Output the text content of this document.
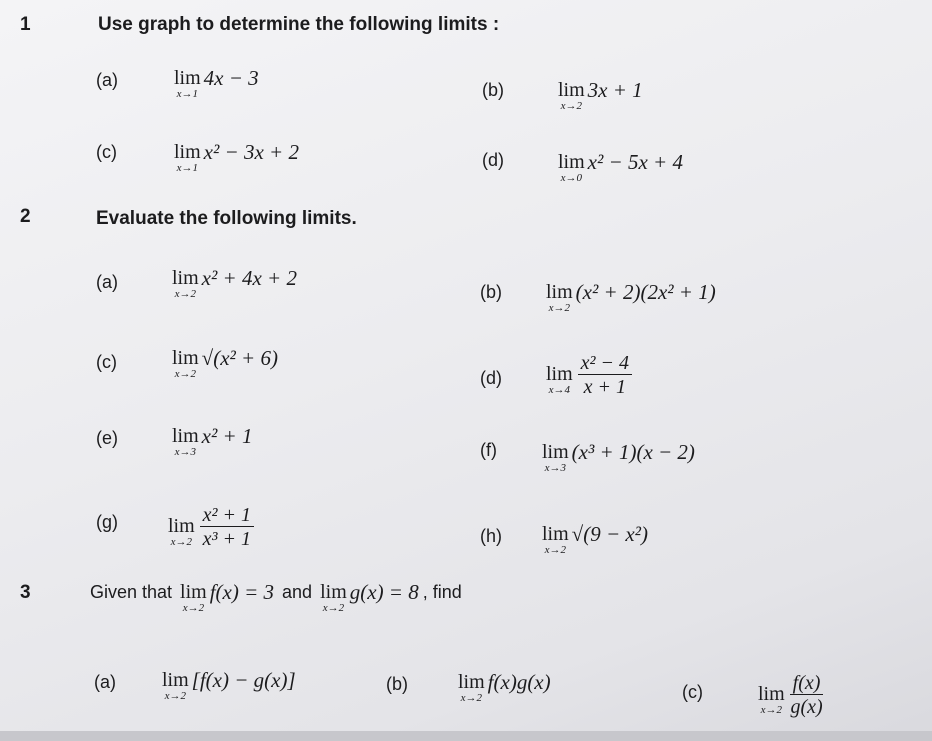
1	Use graph to determine the following limits :
(a)	lim
x→1
4x − 3	(b)	lim
x→2
3x + 1
(c)	lim
x→1
x² − 3x + 2	(d)	lim
x→0
x² − 5x + 4
2	Evaluate the following limits.
(a)	lim
x→2
x² + 4x + 2
(b) lim
x→2
(x² + 2)(2x² + 1)
(c)	lim
x→2
√(x² + 6)
(d) lim
$x\to 4 \frac{\text{x² − 4}}{x + 1}$
(e)	lim
x→3
x² + 1
(f) lim
x→3
(x³ + 1)(x − 2)
(g)	lim
$x\to 2 \frac{\text{x² + 1}}{\text{x³ + 1}}$	(h) lim
x→2
√(9 − x²)
3	Given that lim
x→2
f(x) = 3 and lim
x→2
g(x) = 8 , find
(a) lim
x→2
[f(x) − g(x)]	(b)	lim
x→2
f(x)g(x)	(c)	lim
$x\to 2 \frac{f(x)}{g(x)}$
